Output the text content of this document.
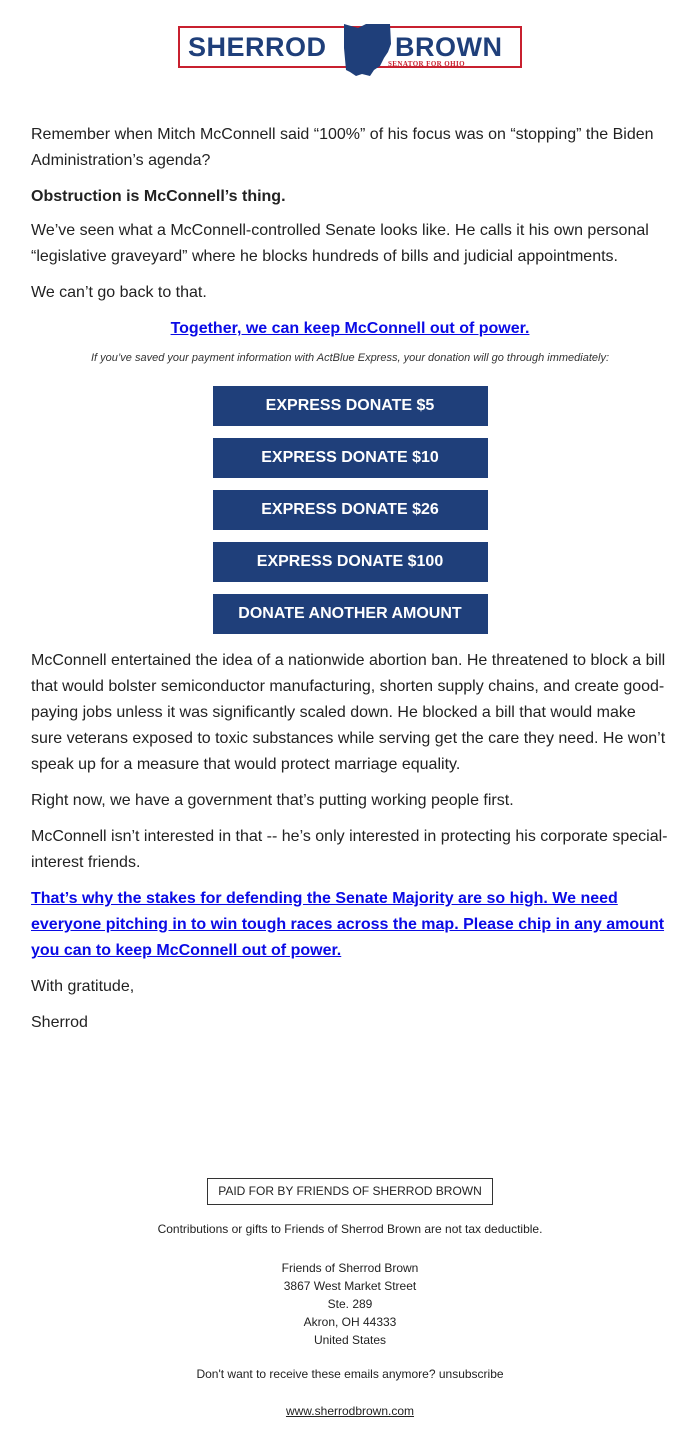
SHERROD	BROWN
SENATOR FOR OHIO

Remember when Mitch McConnell said “100%” of his focus was on “stopping” the Biden Administration’s agenda?

Obstruction is McConnell’s thing.

We’ve seen what a McConnell-controlled Senate looks like. He calls it his own personal “legislative graveyard” where he blocks hundreds of bills and judicial appointments.

We can’t go back to that.

Together, we can keep McConnell out of power.

If you’ve saved your payment information with ActBlue Express, your donation will go through immediately:

EXPRESS DONATE $5
EXPRESS DONATE $10
EXPRESS DONATE $26
EXPRESS DONATE $100
DONATE ANOTHER AMOUNT

McConnell entertained the idea of a nationwide abortion ban. He threatened to block a bill that would bolster semiconductor manufacturing, shorten supply chains, and create good-paying jobs unless it was significantly scaled down. He blocked a bill that would make sure veterans exposed to toxic substances while serving get the care they need. He won’t speak up for a measure that would protect marriage equality.

Right now, we have a government that’s putting working people first.

McConnell isn’t interested in that -- he’s only interested in protecting his corporate special-interest friends.

That’s why the stakes for defending the Senate Majority are so high. We need everyone pitching in to win tough races across the map. Please chip in any amount you can to keep McConnell out of power.

With gratitude,

Sherrod

PAID FOR BY FRIENDS OF SHERROD BROWN
Contributions or gifts to Friends of Sherrod Brown are not tax deductible.
Friends of Sherrod Brown
3867 West Market Street
Ste. 289
Akron, OH 44333
United States
Don't want to receive these emails anymore? unsubscribe
www.sherrodbrown.com
